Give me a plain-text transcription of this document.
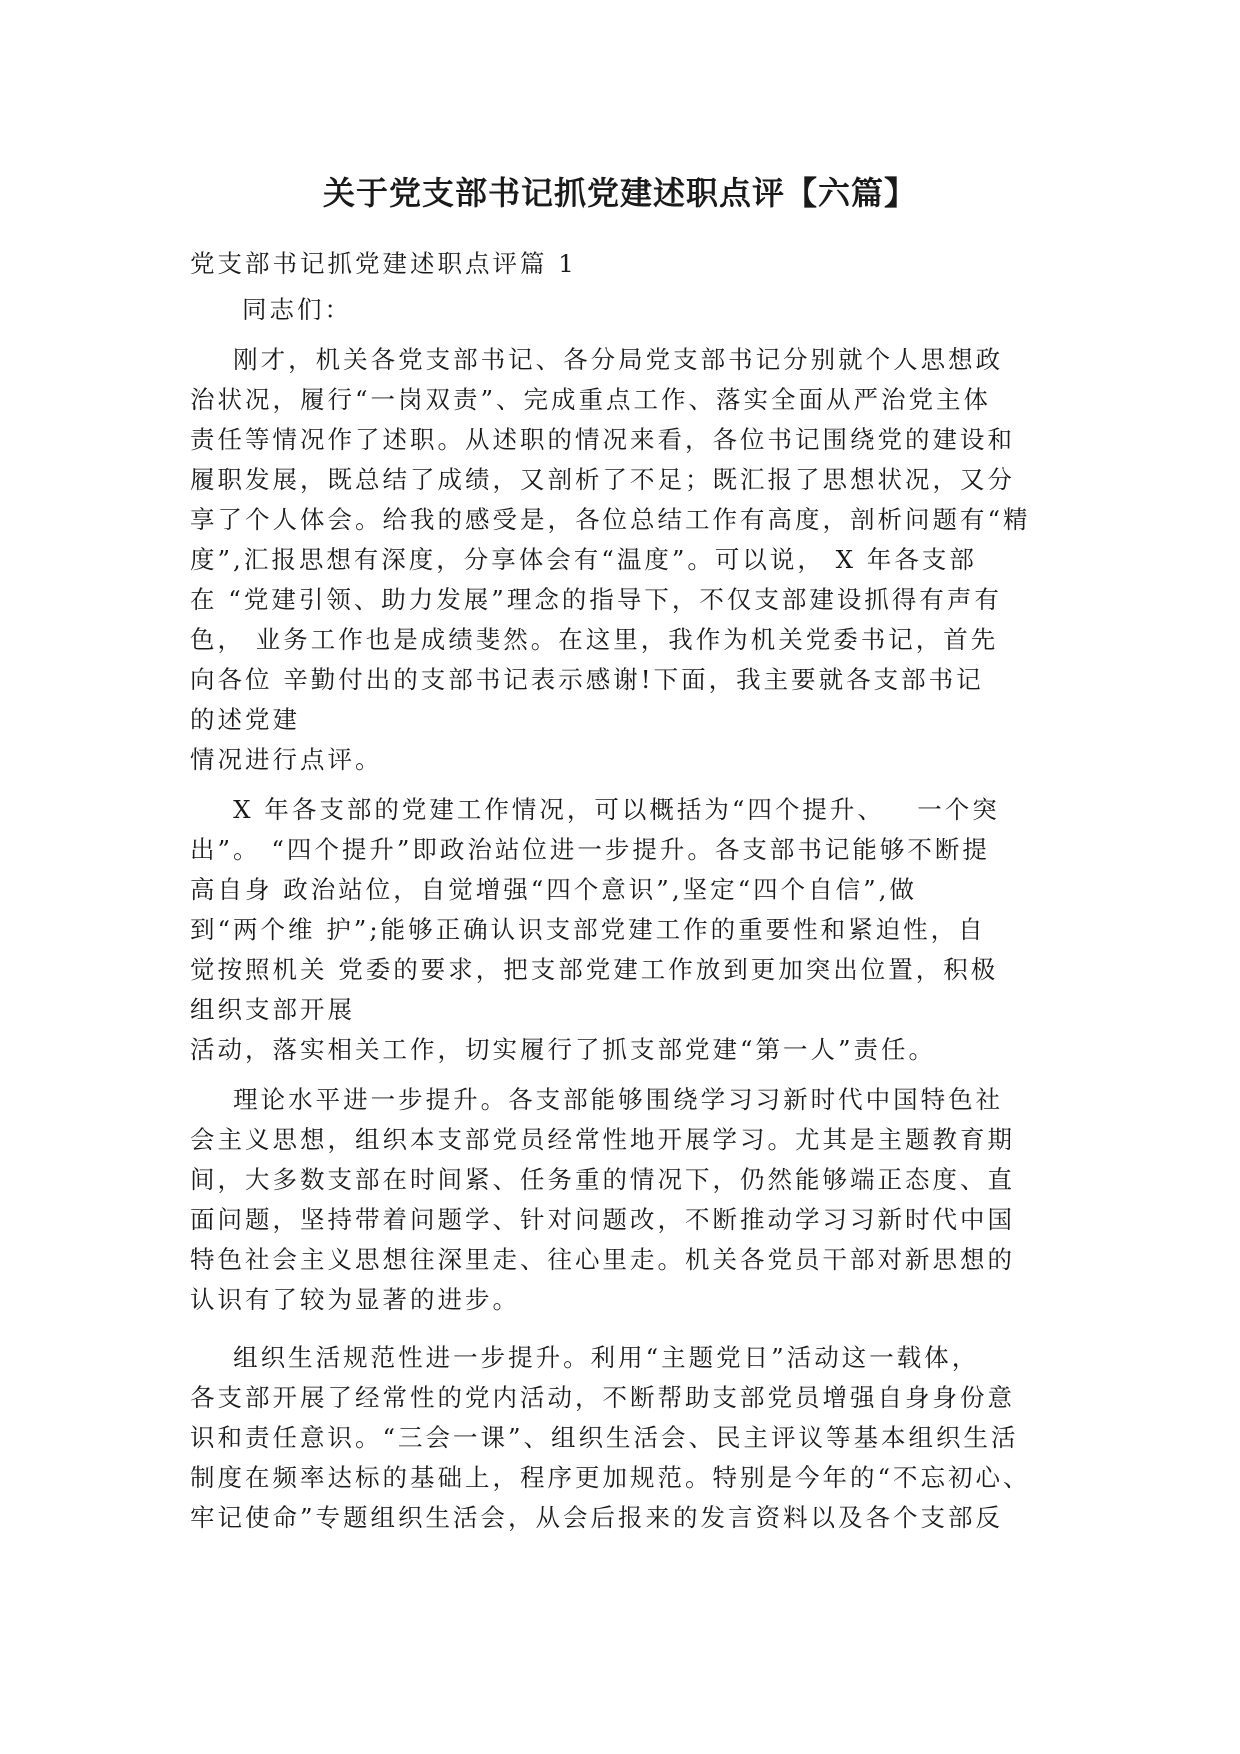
关于党支部书记抓党建述职点评【六篇】
党支部书记抓党建述职点评篇 1
同志们：
刚才，机关各党支部书记、各分局党支部书记分别就个人思想政
治状况，履行“一岗双责”、完成重点工作、落实全面从严治党主体
责任等情况作了述职。从述职的情况来看，各位书记围绕党的建设和
履职发展，既总结了成绩，又剖析了不足；既汇报了思想状况，又分
享了个人体会。给我的感受是，各位总结工作有高度，剖析问题有“精
度”,汇报思想有深度，分享体会有“温度”。可以说， X 年各支部
在 “党建引领、助力发展”理念的指导下，不仅支部建设抓得有声有
色， 业务工作也是成绩斐然。在这里，我作为机关党委书记，首先
向各位 辛勤付出的支部书记表示感谢!下面，我主要就各支部书记
的述党建
情况进行点评。
X 年各支部的党建工作情况，可以概括为“四个提升、   一个突
出”。 “四个提升”即政治站位进一步提升。各支部书记能够不断提
高自身 政治站位，自觉增强“四个意识”,坚定“四个自信”,做
到“两个维 护”;能够正确认识支部党建工作的重要性和紧迫性，自
觉按照机关 党委的要求，把支部党建工作放到更加突出位置，积极
组织支部开展
活动，落实相关工作，切实履行了抓支部党建“第一人”责任。
理论水平进一步提升。各支部能够围绕学习习新时代中国特色社
会主义思想，组织本支部党员经常性地开展学习。尤其是主题教育期
间，大多数支部在时间紧、任务重的情况下，仍然能够端正态度、直
面问题，坚持带着问题学、针对问题改，不断推动学习习新时代中国
特色社会主义思想往深里走、往心里走。机关各党员干部对新思想的
认识有了较为显著的进步。
组织生活规范性进一步提升。利用“主题党日”活动这一载体，
各支部开展了经常性的党内活动，不断帮助支部党员增强自身身份意
识和责任意识。“三会一课”、组织生活会、民主评议等基本组织生活
制度在频率达标的基础上，程序更加规范。特别是今年的“不忘初心、
牢记使命”专题组织生活会，从会后报来的发言资料以及各个支部反
